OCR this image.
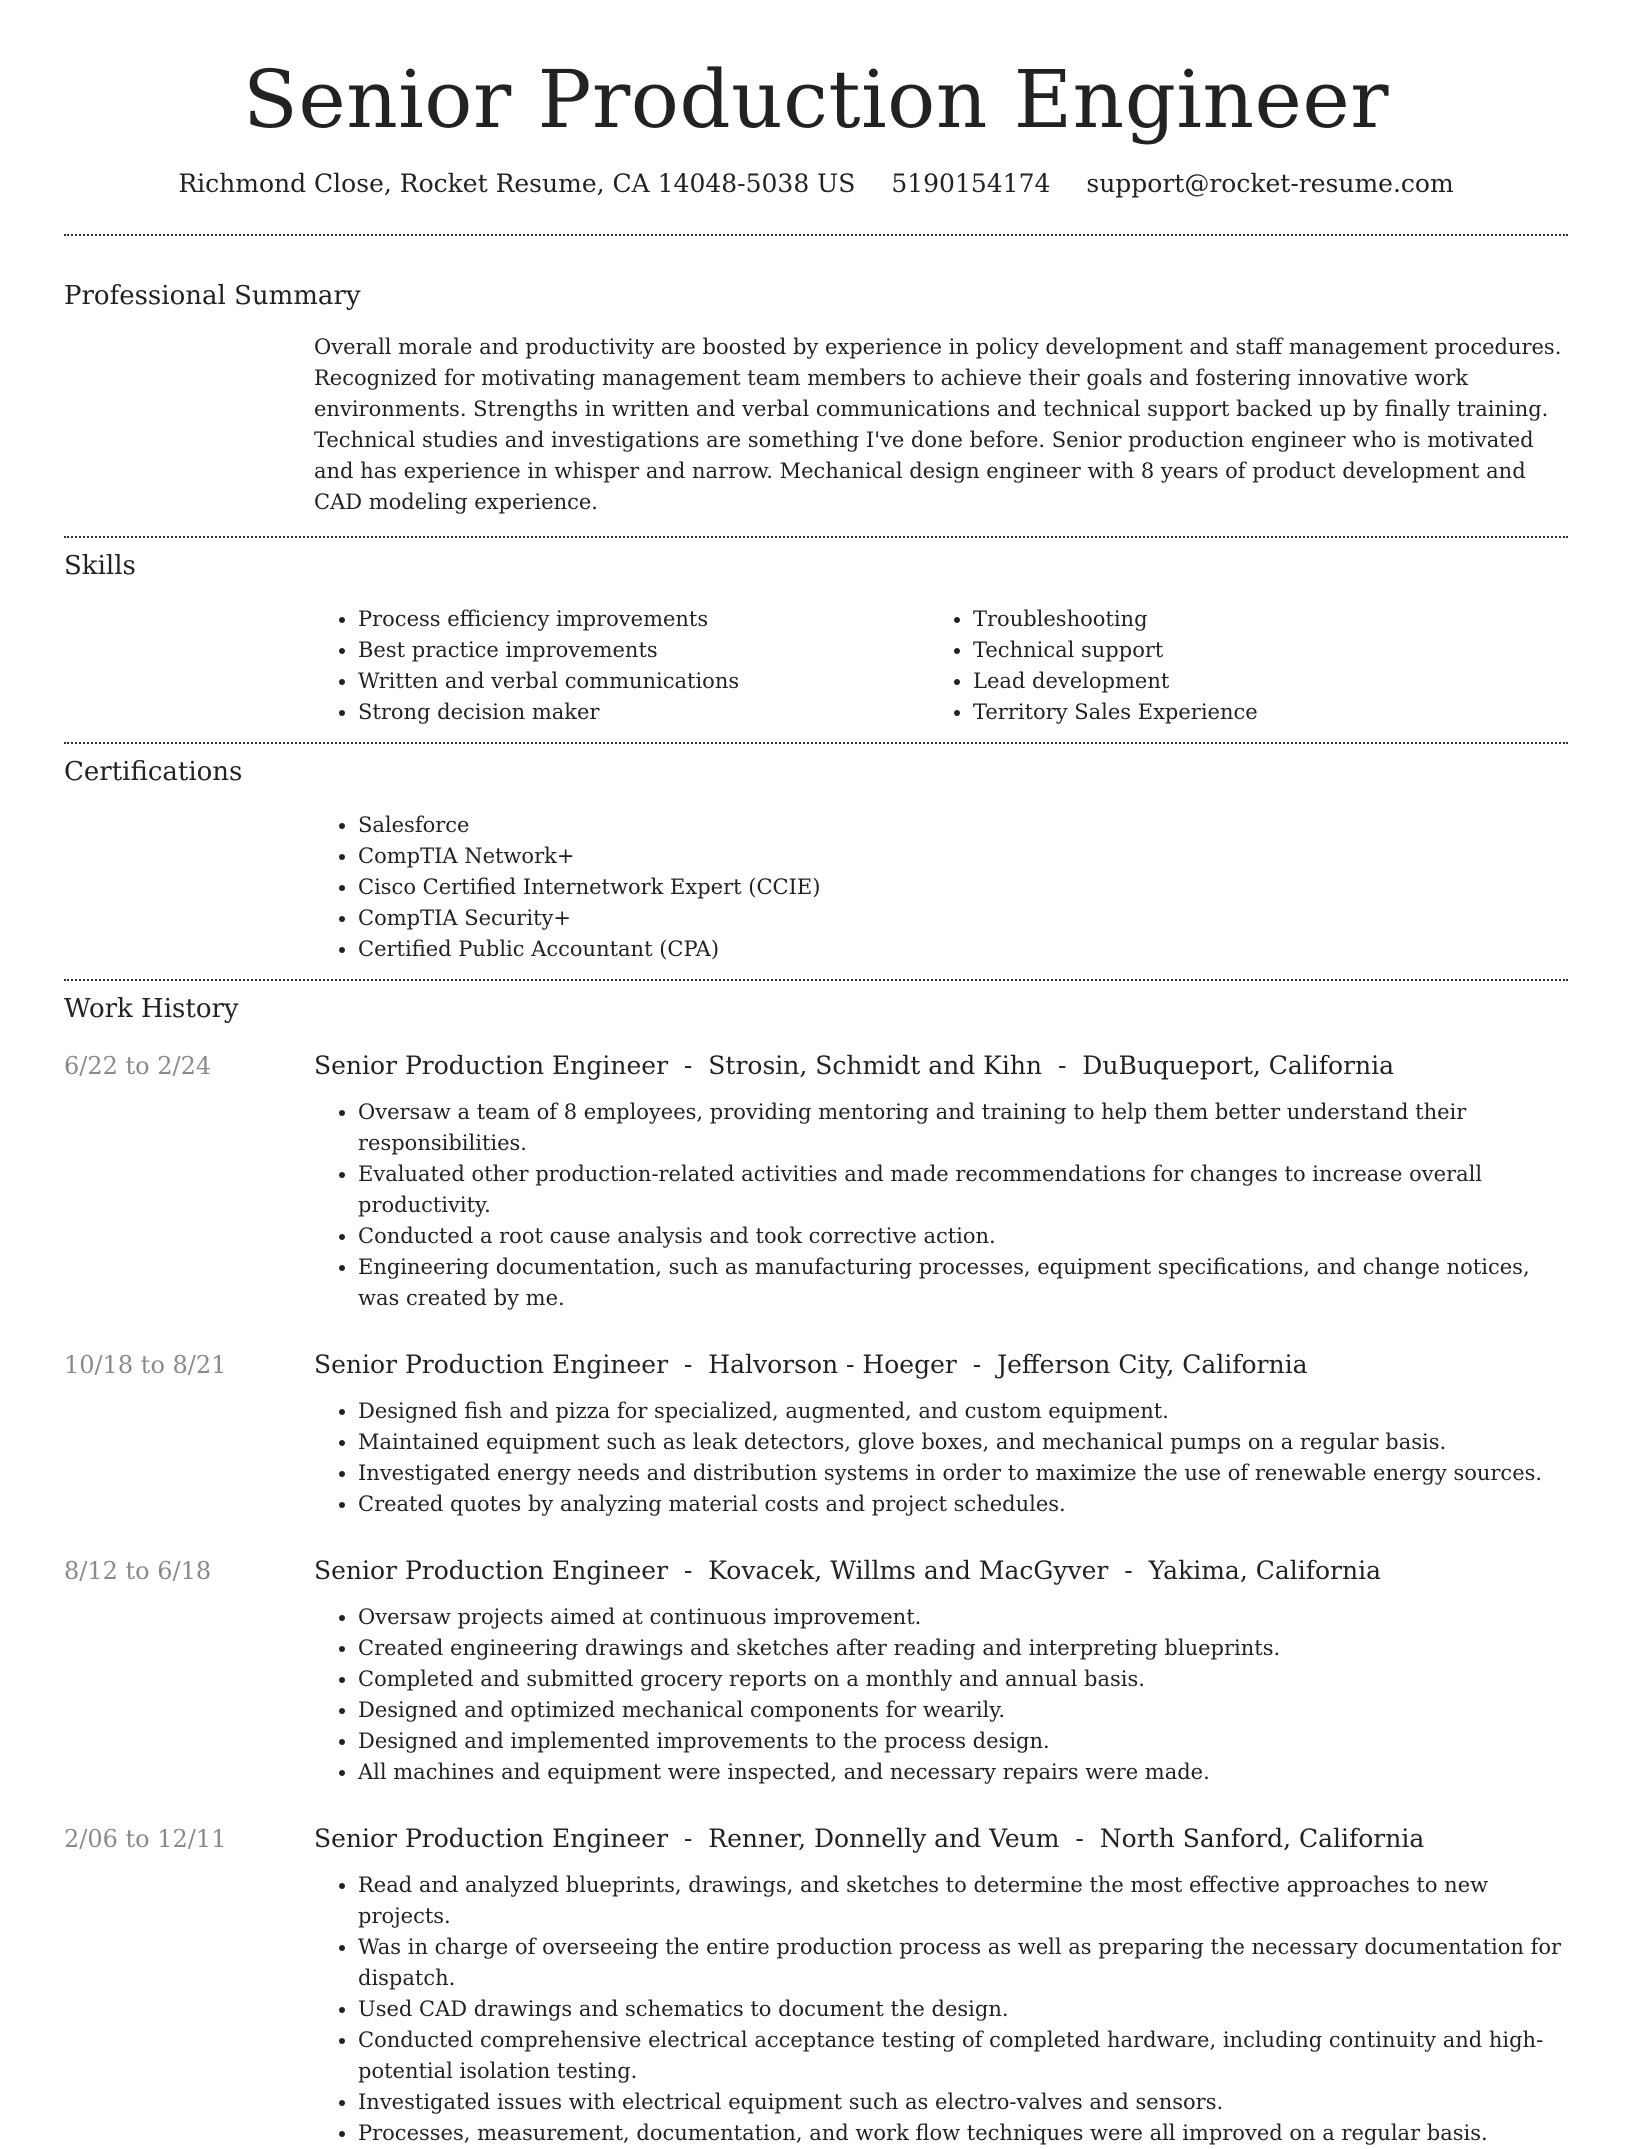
Senior Production Engineer
Richmond Close, Rocket Resume, CA 14048-5038 US 5190154174 support@rocket-resume.com
Professional Summary

Overall morale and productivity are boosted by experience in policy development and staff management procedures. Recognized for motivating management team members to achieve their goals and fostering innovative work environments. Strengths in written and verbal communications and technical support backed up by finally training. Technical studies and investigations are something I've done before. Senior production engineer who is motivated and has experience in whisper and narrow. Mechanical design engineer with 8 years of product development and CAD modeling experience.

Skills
• Process efficiency improvements
• Best practice improvements
• Written and verbal communications
• Strong decision maker
• Troubleshooting
• Technical support
• Lead development
• Territory Sales Experience
Certifications
• Salesforce
• CompTIA Network+
• Cisco Certified Internetwork Expert (CCIE)
• CompTIA Security+
• Certified Public Accountant (CPA)
Work History
6/22 to 2/24	Senior Production Engineer  -  Strosin, Schmidt and Kihn  -  DuBuqueport, California
• Oversaw a team of 8 employees, providing mentoring and training to help them better understand their responsibilities.
• Evaluated other production-related activities and made recommendations for changes to increase overall productivity.
• Conducted a root cause analysis and took corrective action.
• Engineering documentation, such as manufacturing processes, equipment specifications, and change notices, was created by me.
10/18 to 8/21	Senior Production Engineer  -  Halvorson - Hoeger  -  Jefferson City, California
• Designed fish and pizza for specialized, augmented, and custom equipment.
• Maintained equipment such as leak detectors, glove boxes, and mechanical pumps on a regular basis.
• Investigated energy needs and distribution systems in order to maximize the use of renewable energy sources.
• Created quotes by analyzing material costs and project schedules.
8/12 to 6/18	Senior Production Engineer  -  Kovacek, Willms and MacGyver  -  Yakima, California
• Oversaw projects aimed at continuous improvement.
• Created engineering drawings and sketches after reading and interpreting blueprints.
• Completed and submitted grocery reports on a monthly and annual basis.
• Designed and optimized mechanical components for wearily.
• Designed and implemented improvements to the process design.
• All machines and equipment were inspected, and necessary repairs were made.
2/06 to 12/11	Senior Production Engineer  -  Renner, Donnelly and Veum  -  North Sanford, California
• Read and analyzed blueprints, drawings, and sketches to determine the most effective approaches to new projects.
• Was in charge of overseeing the entire production process as well as preparing the necessary documentation for dispatch.
• Used CAD drawings and schematics to document the design.
• Conducted comprehensive electrical acceptance testing of completed hardware, including continuity and high-potential isolation testing.
• Investigated issues with electrical equipment such as electro-valves and sensors.
• Processes, measurement, documentation, and work flow techniques were all improved on a regular basis.
